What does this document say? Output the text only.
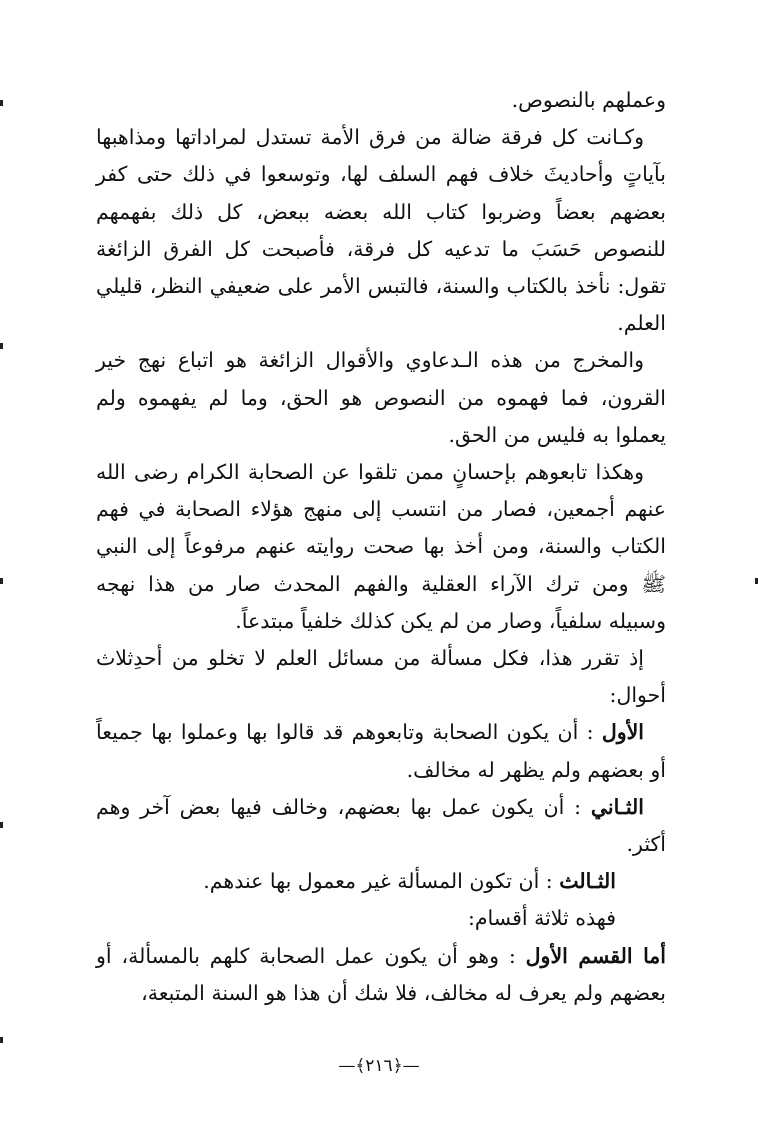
وعملهم بالنصوص.

وكـانت كل فرقة ضالة من فرق الأمة تستدل لمراداتها ومذاهبها بآياتٍ وأحاديثَ خلاف فهم السلف لها، وتوسعوا في ذلك حتى كفر بعضهم بعضاً وضربوا كتاب الله بعضه ببعض، كل ذلك بفهمهم للنصوص حَسَبَ ما تدعيه كل فرقة، فأصبحت كل الفرق الزائغة تقول: نأخذ بالكتاب والسنة، فالتبس الأمر على ضعيفي النظر، قليلي العلم.

والمخرج من هذه الـدعاوي والأقوال الزائغة هو اتباع نهج خير القرون، فما فهموه من النصوص هو الحق، وما لم يفهموه ولم يعملوا به فليس من الحق.

وهكذا تابعوهم بإحسانٍ ممن تلقوا عن الصحابة الكرام رضى الله عنهم أجمعين، فصار من انتسب إلى منهج هؤلاء الصحابة في فهم الكتاب والسنة، ومن أخذ بها صحت روايته عنهم مرفوعاً إلى النبي ﷺ ومن ترك الآراء العقلية والفهم المحدث صار من هذا نهجه وسبيله سلفياً، وصار من لم يكن كذلك خلفياً مبتدعاً.

إذ تقرر هذا، فكل مسألة من مسائل العلم لا تخلو من أحدِثلاث أحوال:

الأول : أن يكون الصحابة وتابعوهم قد قالوا بها وعملوا بها جميعاً أو بعضهم ولم يظهر له مخالف.

الثـاني : أن يكون عمل بها بعضهم، وخالف فيها بعض آخر وهم أكثر.

الثـالث : أن تكون المسألة غير معمول بها عندهم.

فهذه ثلاثة أقسام:

أما القسم الأول : وهو أن يكون عمل الصحابة كلهم بالمسألة، أو بعضهم ولم يعرف له مخالف، فلا شك أن هذا هو السنة المتبعة،

—﴿٢١٦﴾—
